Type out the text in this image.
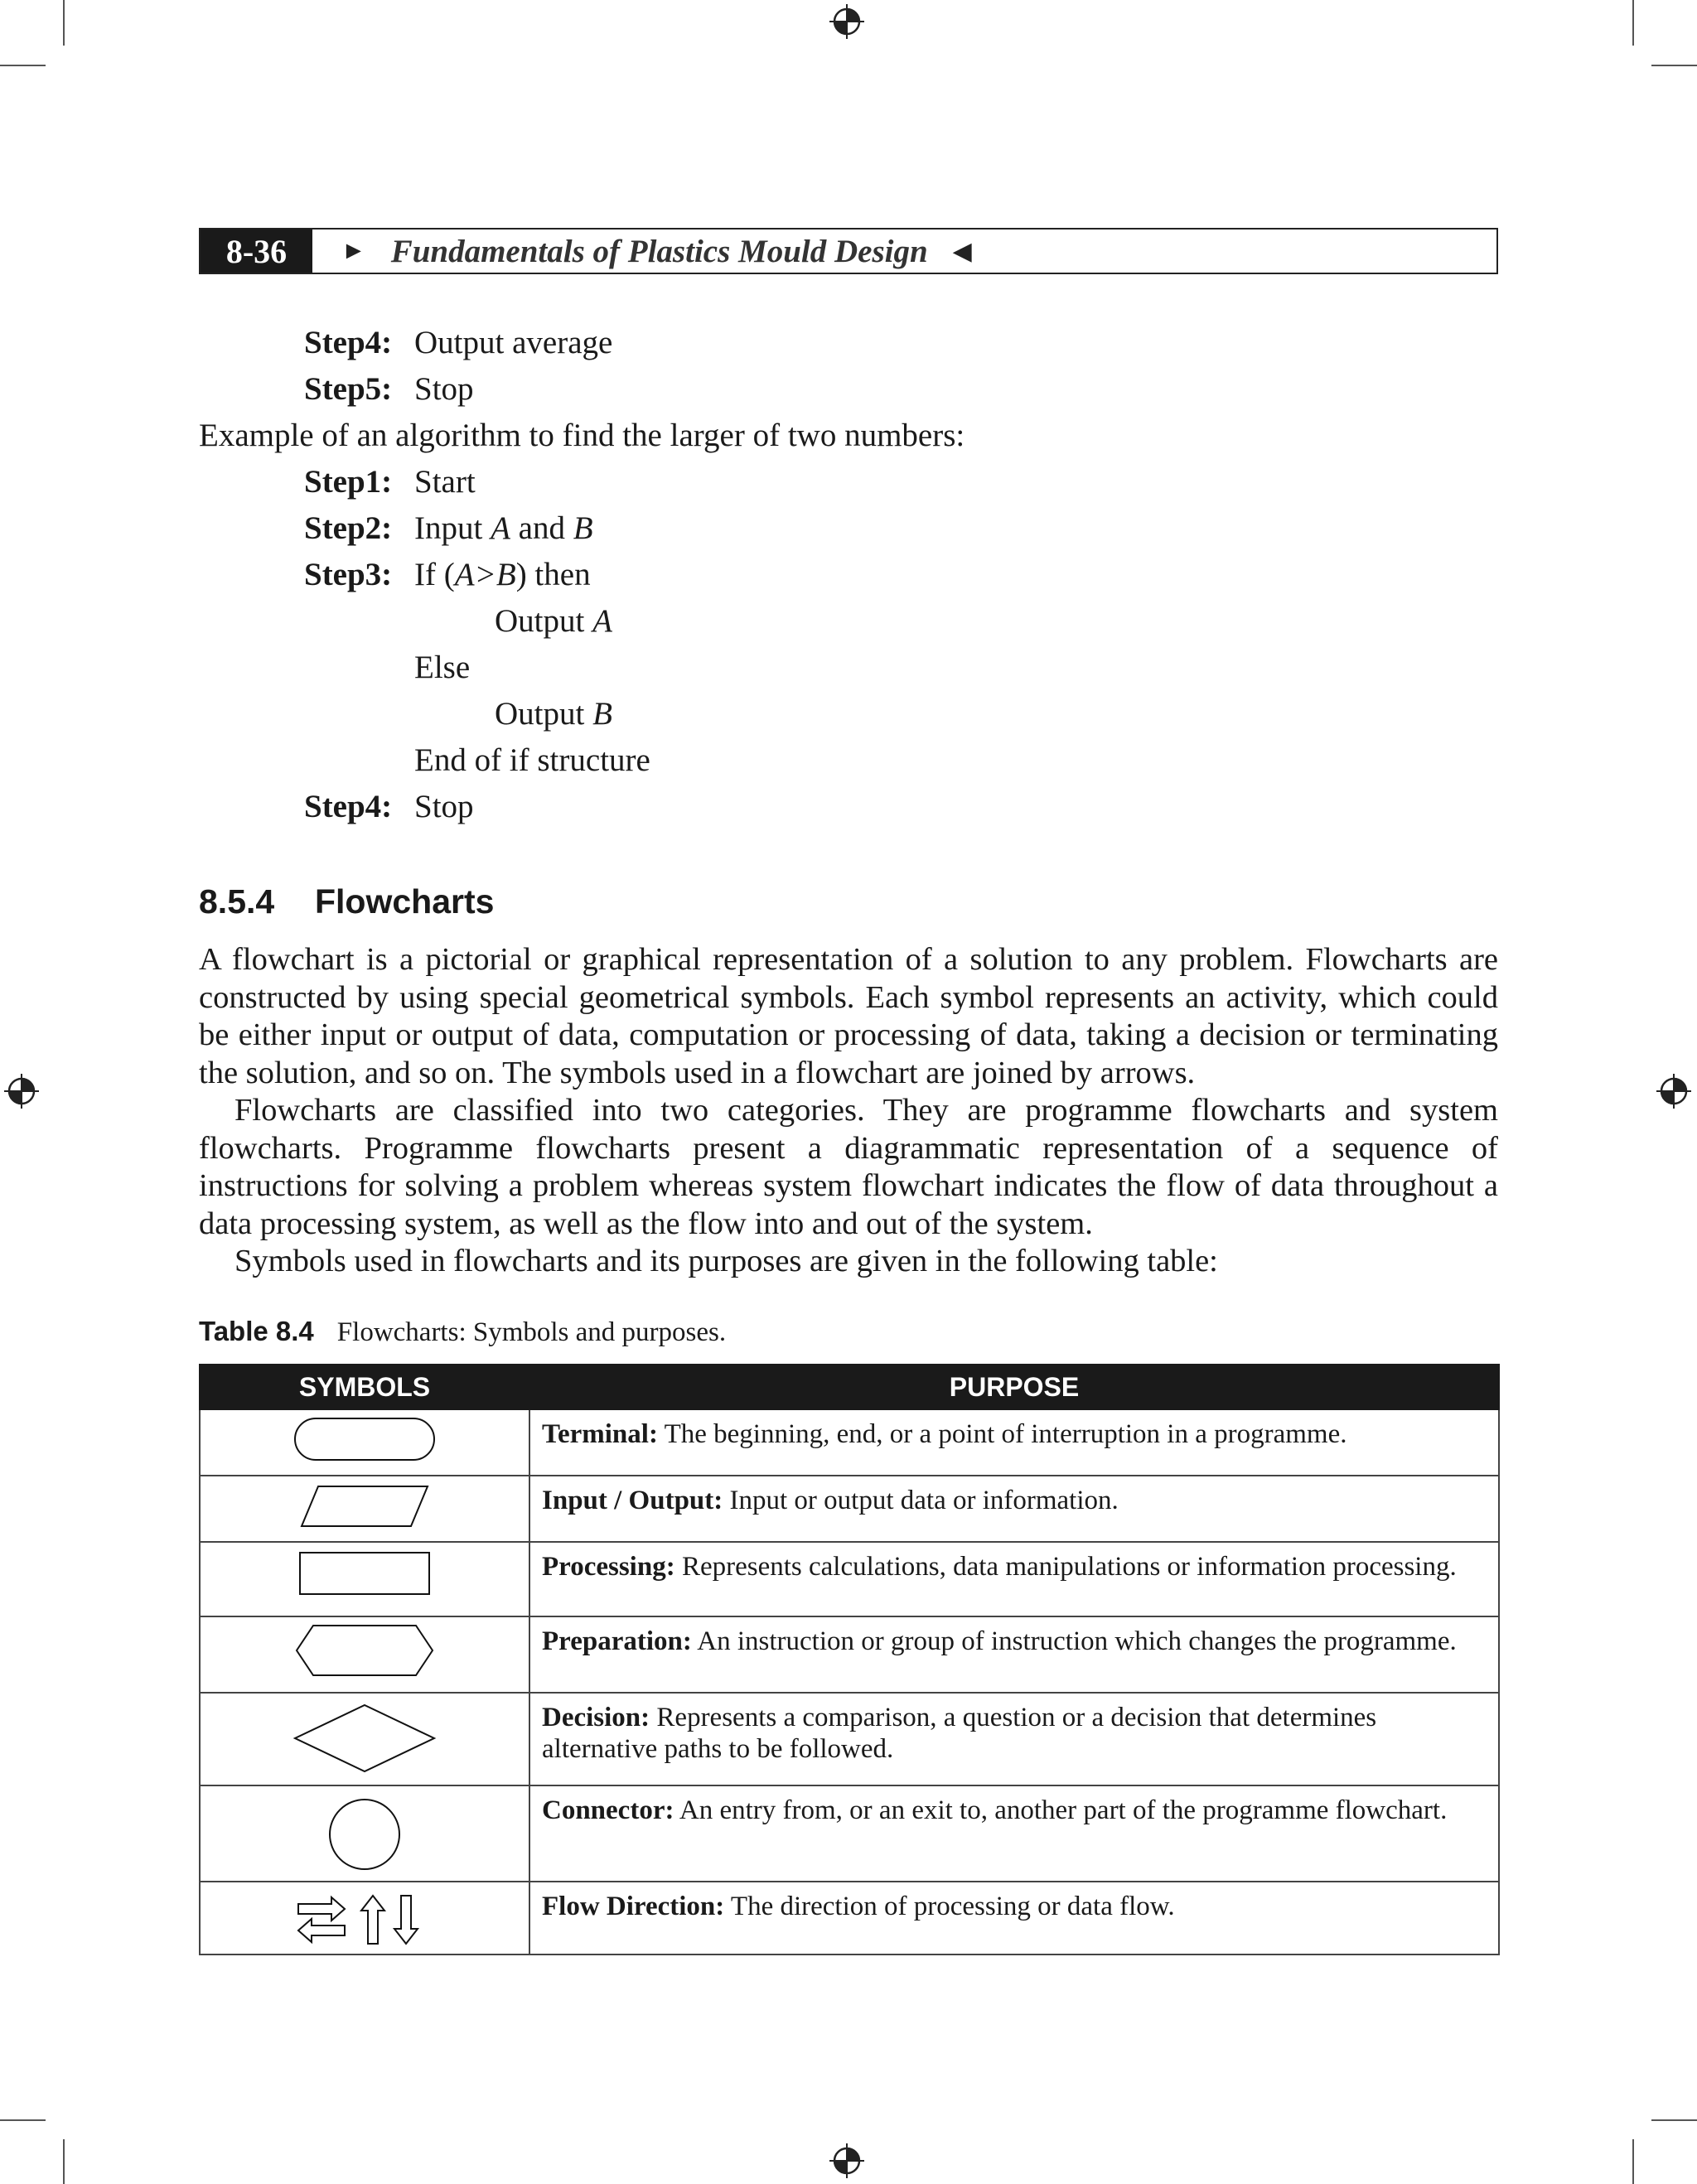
8-36	► Fundamentals of Plastics Mould Design ◀
Step4: Output average
Step5: Stop
Example of an algorithm to find the larger of two numbers:
Step1: Start
Step2: Input A and B
Step3: If (A>B) then
Output A
Else
Output B
End of if structure
Step4: Stop
8.5.4 Flowcharts
A flowchart is a pictorial or graphical representation of a solution to any problem. Flowcharts are constructed by using special geometrical symbols. Each symbol represents an activity, which could be either input or output of data, computation or processing of data, taking a decision or terminating the solution, and so on. The symbols used in a flowchart are joined by arrows.
Flowcharts are classified into two categories. They are programme flowcharts and system flowcharts. Programme flowcharts present a diagrammatic representation of a sequence of instructions for solving a problem whereas system flowchart indicates the flow of data throughout a data processing system, as well as the flow into and out of the system.
Symbols used in flowcharts and its purposes are given in the following table:
Table 8.4 Flowcharts: Symbols and purposes.
SYMBOLS	PURPOSE

	Terminal: The beginning, end, or a point of interruption in a programme.

	Input / Output: Input or output data or information.

	Processing: Represents calculations, data manipulations or information processing.

	Preparation: An instruction or group of instruction which changes the programme.

	Decision: Represents a comparison, a question or a decision that determines alternative paths to be followed.

	Connector: An entry from, or an exit to, another part of the programme flowchart.

	Flow Direction: The direction of processing or data flow.
